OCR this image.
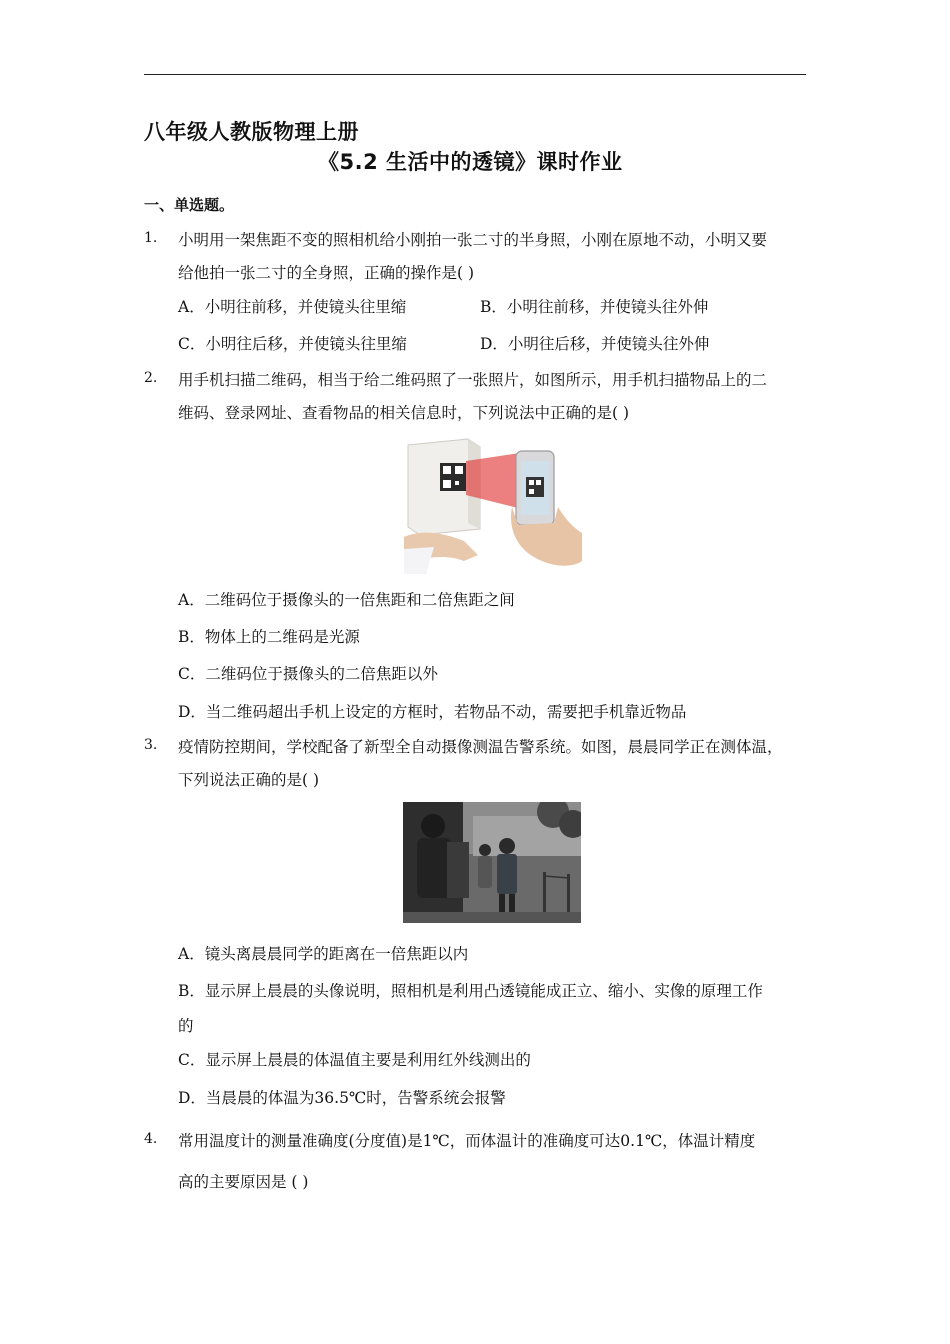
八年级人教版物理上册
《5.2 生活中的透镜》课时作业
一、单选题。
1. 小明用一架焦距不变的照相机给小刚拍一张二寸的半身照，小刚在原地不动，小明又要
给他拍一张二寸的全身照，正确的操作是( )
A．小明往前移，并使镜头往里缩	B．小明往前移，并使镜头往外伸
C．小明往后移，并使镜头往里缩	D．小明往后移，并使镜头往外伸
2. 用手机扫描二维码，相当于给二维码照了一张照片，如图所示，用手机扫描物品上的二
维码、登录网址、查看物品的相关信息时，下列说法中正确的是( )
A．二维码位于摄像头的一倍焦距和二倍焦距之间
B．物体上的二维码是光源
C．二维码位于摄像头的二倍焦距以外
D．当二维码超出手机上设定的方框时，若物品不动，需要把手机靠近物品
3. 疫情防控期间，学校配备了新型全自动摄像测温告警系统。如图，晨晨同学正在测体温，
下列说法正确的是( )
A．镜头离晨晨同学的距离在一倍焦距以内
B．显示屏上晨晨的头像说明，照相机是利用凸透镜能成正立、缩小、实像的原理工作
的
C．显示屏上晨晨的体温值主要是利用红外线测出的
D．当晨晨的体温为36.5℃时，告警系统会报警
4. 常用温度计的测量准确度(分度值)是1℃，而体温计的准确度可达0.1℃，体温计精度
高的主要原因是 ( )
